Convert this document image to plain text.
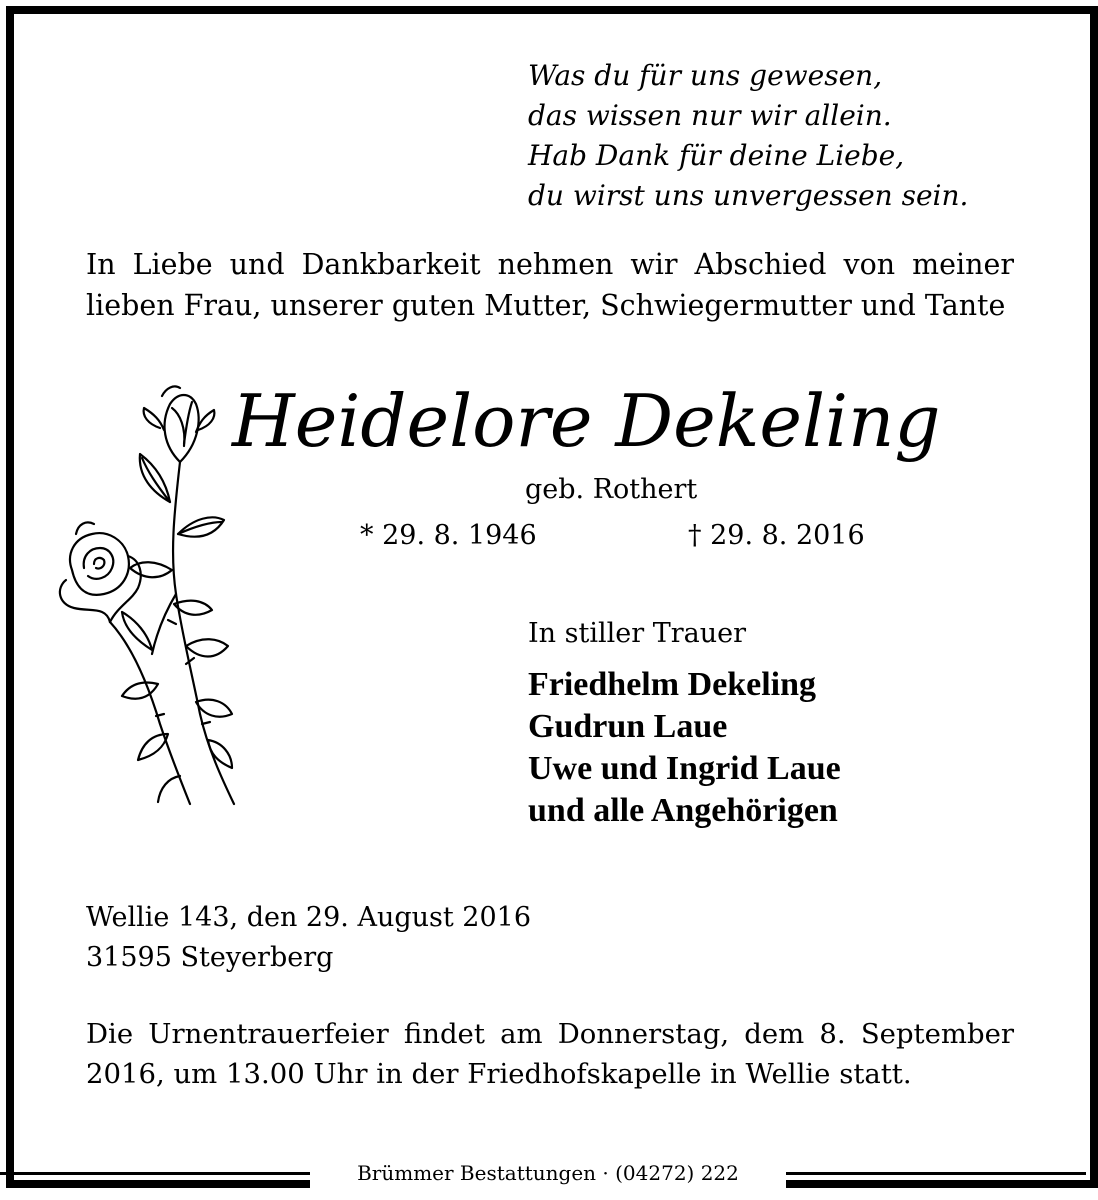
Was du für uns gewesen,
das wissen nur wir allein.
Hab Dank für deine Liebe,
du wirst uns unvergessen sein.
In Liebe und Dankbarkeit nehmen wir Abschied von meiner lieben Frau, unserer guten Mutter, Schwiegermutter und Tante
Heidelore Dekeling
geb. Rothert
* 29. 8. 1946	† 29. 8. 2016
In stiller Trauer
Friedhelm Dekeling
Gudrun Laue
Uwe und Ingrid Laue
und alle Angehörigen
Wellie 143, den 29. August 2016
31595 Steyerberg
Die Urnentrauerfeier findet am Donnerstag, dem 8. September 2016, um 13.00 Uhr in der Friedhofskapelle in Wellie statt.
Brümmer Bestattungen · (04272) 222
